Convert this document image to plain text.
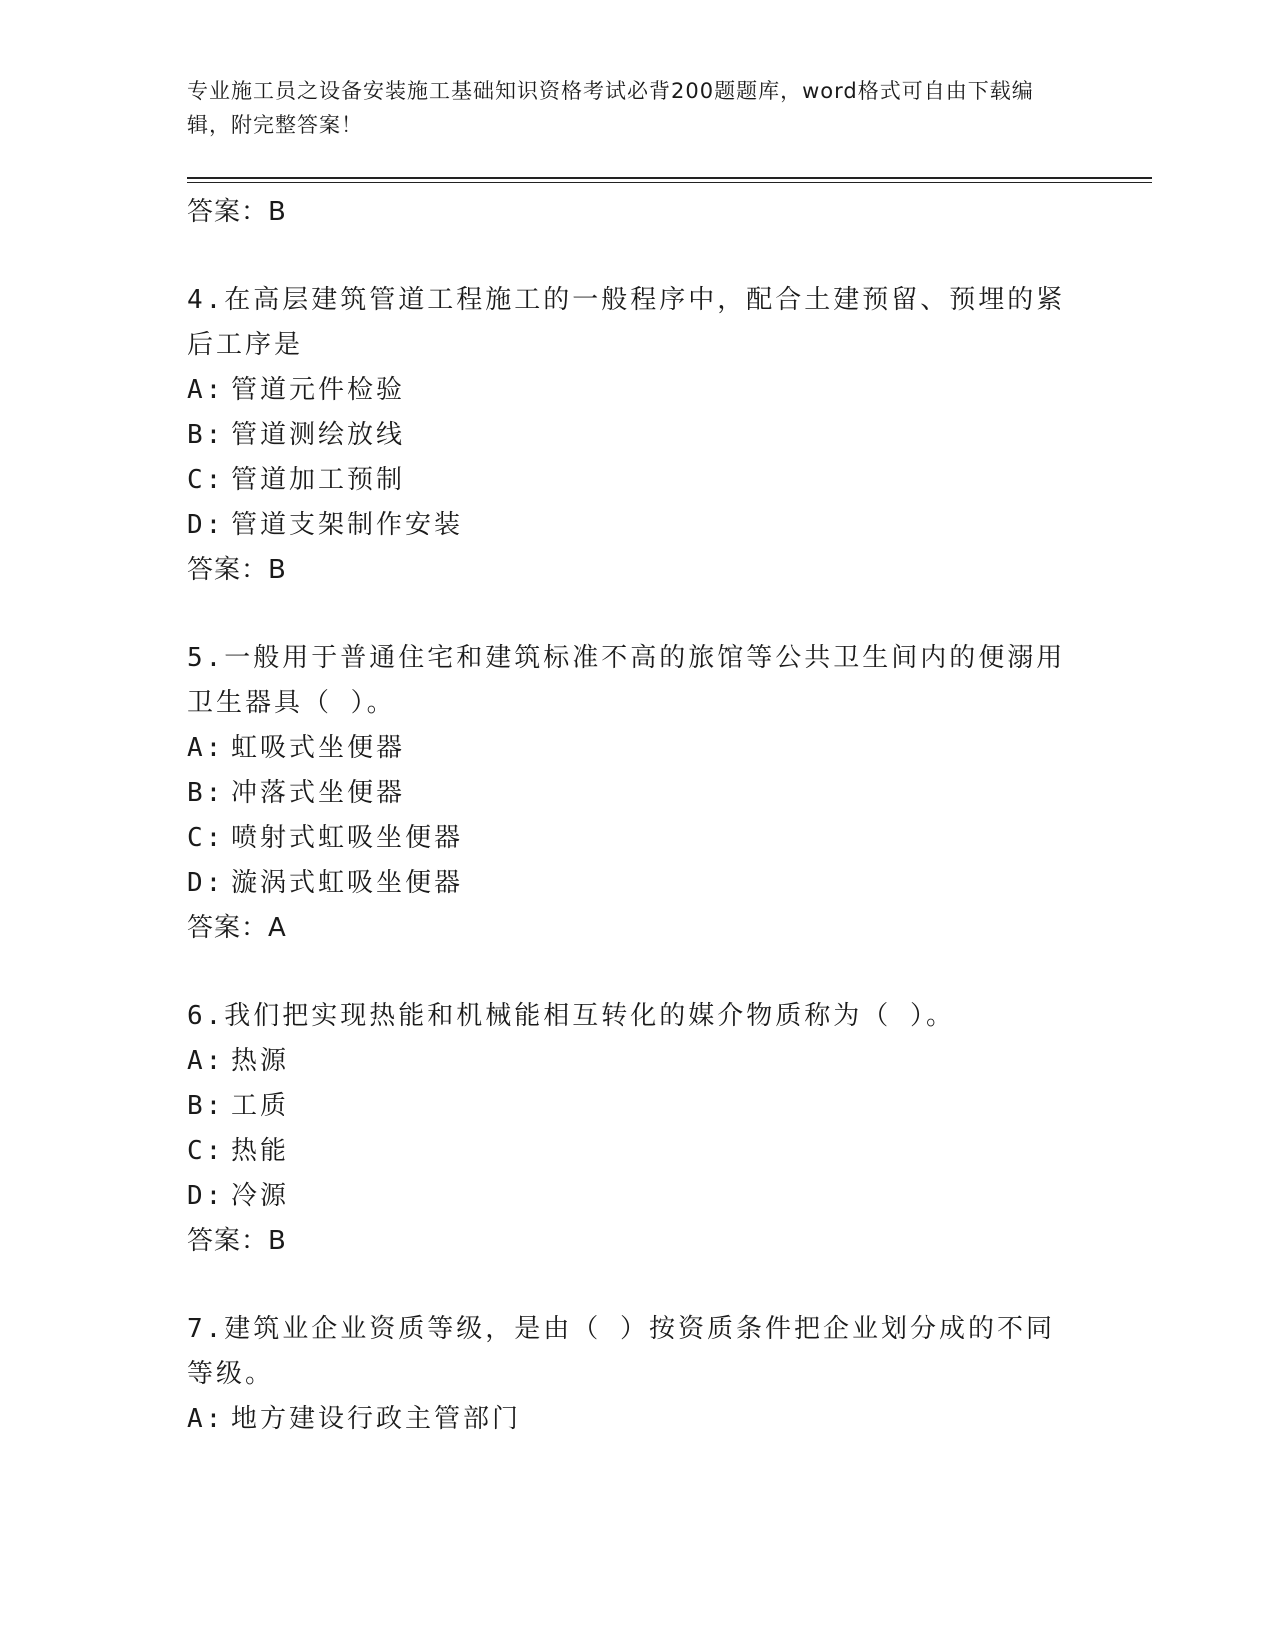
专业施工员之设备安装施工基础知识资格考试必背200题题库，word格式可自由下载编辑，附完整答案！

答案：B

4.在高层建筑管道工程施工的一般程序中，配合土建预留、预埋的紧后工序是

A: 管道元件检验

B: 管道测绘放线

C: 管道加工预制

D: 管道支架制作安装

答案：B

5.一般用于普通住宅和建筑标准不高的旅馆等公共卫生间内的便溺用卫生器具（ ）。

A: 虹吸式坐便器

B: 冲落式坐便器

C: 喷射式虹吸坐便器

D: 漩涡式虹吸坐便器

答案：A

6.我们把实现热能和机械能相互转化的媒介物质称为（ ）。

A: 热源

B: 工质

C: 热能

D: 冷源

答案：B

7.建筑业企业资质等级，是由（ ）按资质条件把企业划分成的不同等级。

A: 地方建设行政主管部门
